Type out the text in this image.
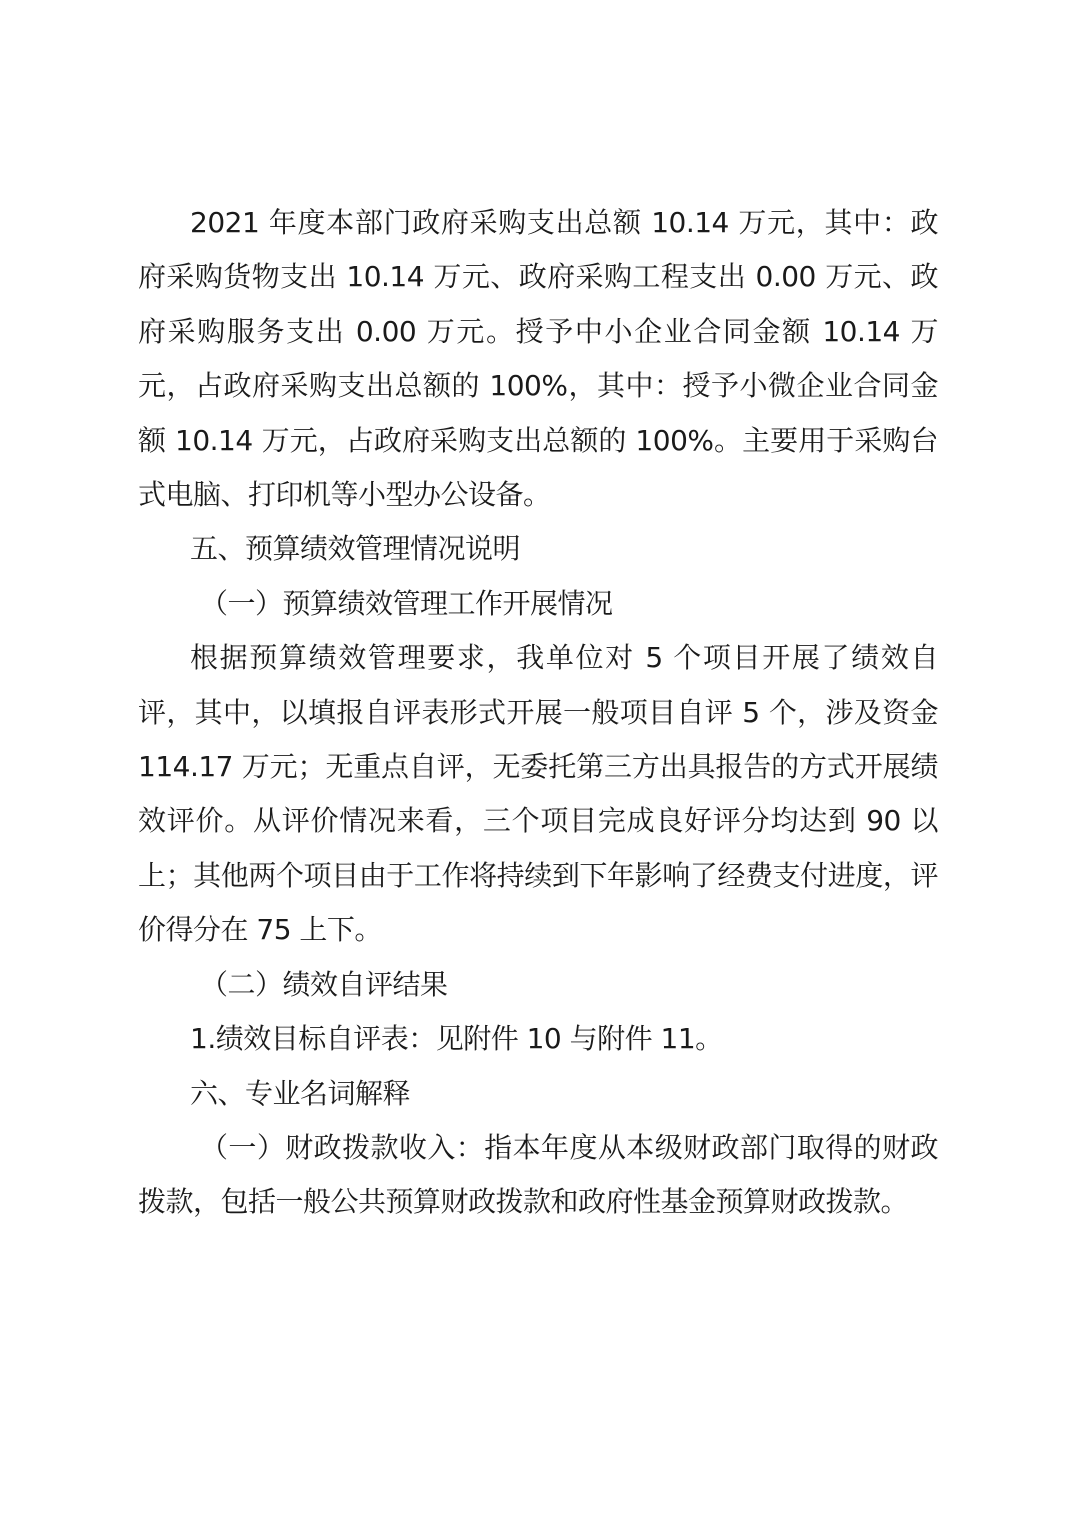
2021 年度本部门政府采购支出总额 10.14 万元，其中：政府采购货物支出 10.14 万元、政府采购工程支出 0.00 万元、政府采购服务支出 0.00 万元。授予中小企业合同金额 10.14 万元，占政府采购支出总额的 100%，其中：授予小微企业合同金额 10.14 万元，占政府采购支出总额的 100%。主要用于采购台式电脑、打印机等小型办公设备。

五、预算绩效管理情况说明

（一）预算绩效管理工作开展情况

根据预算绩效管理要求，我单位对 5 个项目开展了绩效自评，其中，以填报自评表形式开展一般项目自评 5 个，涉及资金 114.17 万元；无重点自评，无委托第三方出具报告的方式开展绩效评价。从评价情况来看，三个项目完成良好评分均达到 90 以上；其他两个项目由于工作将持续到下年影响了经费支付进度，评价得分在 75 上下。

（二）绩效自评结果

1.绩效目标自评表：见附件 10 与附件 11。

六、专业名词解释

（一）财政拨款收入：指本年度从本级财政部门取得的财政拨款，包括一般公共预算财政拨款和政府性基金预算财政拨款。
